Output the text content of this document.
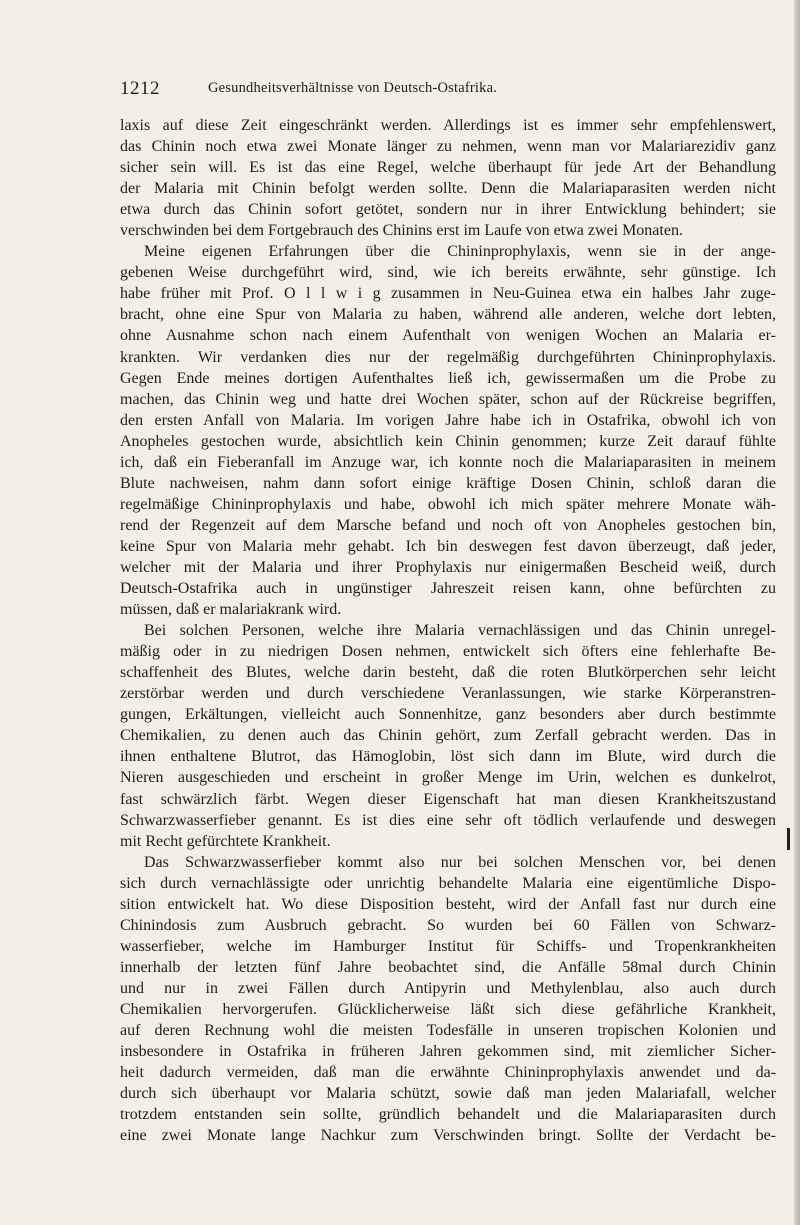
1212	Gesundheitsverhältnisse von Deutsch-Ostafrika.
laxis auf diese Zeit eingeschränkt werden. Allerdings ist es immer sehr empfehlenswert,
das Chinin noch etwa zwei Monate länger zu nehmen, wenn man vor Malariarezidiv ganz
sicher sein will. Es ist das eine Regel, welche überhaupt für jede Art der Behandlung
der Malaria mit Chinin befolgt werden sollte. Denn die Malariaparasiten werden nicht
etwa durch das Chinin sofort getötet, sondern nur in ihrer Entwicklung behindert; sie
verschwinden bei dem Fortgebrauch des Chinins erst im Laufe von etwa zwei Monaten.
Meine eigenen Erfahrungen über die Chininprophylaxis, wenn sie in der ange-
gebenen Weise durchgeführt wird, sind, wie ich bereits erwähnte, sehr günstige. Ich
habe früher mit Prof. O l l w i g zusammen in Neu-Guinea etwa ein halbes Jahr zuge-
bracht, ohne eine Spur von Malaria zu haben, während alle anderen, welche dort lebten,
ohne Ausnahme schon nach einem Aufenthalt von wenigen Wochen an Malaria er-
krankten. Wir verdanken dies nur der regelmäßig durchgeführten Chininprophylaxis.
Gegen Ende meines dortigen Aufenthaltes ließ ich, gewissermaßen um die Probe zu
machen, das Chinin weg und hatte drei Wochen später, schon auf der Rückreise begriffen,
den ersten Anfall von Malaria. Im vorigen Jahre habe ich in Ostafrika, obwohl ich von
Anopheles gestochen wurde, absichtlich kein Chinin genommen; kurze Zeit darauf fühlte
ich, daß ein Fieberanfall im Anzuge war, ich konnte noch die Malariaparasiten in meinem
Blute nachweisen, nahm dann sofort einige kräftige Dosen Chinin, schloß daran die
regelmäßige Chininprophylaxis und habe, obwohl ich mich später mehrere Monate wäh-
rend der Regenzeit auf dem Marsche befand und noch oft von Anopheles gestochen bin,
keine Spur von Malaria mehr gehabt. Ich bin deswegen fest davon überzeugt, daß jeder,
welcher mit der Malaria und ihrer Prophylaxis nur einigermaßen Bescheid weiß, durch
Deutsch-Ostafrika auch in ungünstiger Jahreszeit reisen kann, ohne befürchten zu
müssen, daß er malariakrank wird.
Bei solchen Personen, welche ihre Malaria vernachlässigen und das Chinin unregel-
mäßig oder in zu niedrigen Dosen nehmen, entwickelt sich öfters eine fehlerhafte Be-
schaffenheit des Blutes, welche darin besteht, daß die roten Blutkörperchen sehr leicht
zerstörbar werden und durch verschiedene Veranlassungen, wie starke Körperanstren-
gungen, Erkältungen, vielleicht auch Sonnenhitze, ganz besonders aber durch bestimmte
Chemikalien, zu denen auch das Chinin gehört, zum Zerfall gebracht werden. Das in
ihnen enthaltene Blutrot, das Hämoglobin, löst sich dann im Blute, wird durch die
Nieren ausgeschieden und erscheint in großer Menge im Urin, welchen es dunkelrot,
fast schwärzlich färbt. Wegen dieser Eigenschaft hat man diesen Krankheitszustand
Schwarzwasserfieber genannt. Es ist dies eine sehr oft tödlich verlaufende und deswegen
mit Recht gefürchtete Krankheit.
Das Schwarzwasserfieber kommt also nur bei solchen Menschen vor, bei denen
sich durch vernachlässigte oder unrichtig behandelte Malaria eine eigentümliche Dispo-
sition entwickelt hat. Wo diese Disposition besteht, wird der Anfall fast nur durch eine
Chinindosis zum Ausbruch gebracht. So wurden bei 60 Fällen von Schwarz-
wasserfieber, welche im Hamburger Institut für Schiffs- und Tropenkrankheiten
innerhalb der letzten fünf Jahre beobachtet sind, die Anfälle 58mal durch Chinin
und nur in zwei Fällen durch Antipyrin und Methylenblau, also auch durch
Chemikalien hervorgerufen. Glücklicherweise läßt sich diese gefährliche Krankheit,
auf deren Rechnung wohl die meisten Todesfälle in unseren tropischen Kolonien und
insbesondere in Ostafrika in früheren Jahren gekommen sind, mit ziemlicher Sicher-
heit dadurch vermeiden, daß man die erwähnte Chininprophylaxis anwendet und da-
durch sich überhaupt vor Malaria schützt, sowie daß man jeden Malariafall, welcher
trotzdem entstanden sein sollte, gründlich behandelt und die Malariaparasiten durch
eine zwei Monate lange Nachkur zum Verschwinden bringt. Sollte der Verdacht be-
